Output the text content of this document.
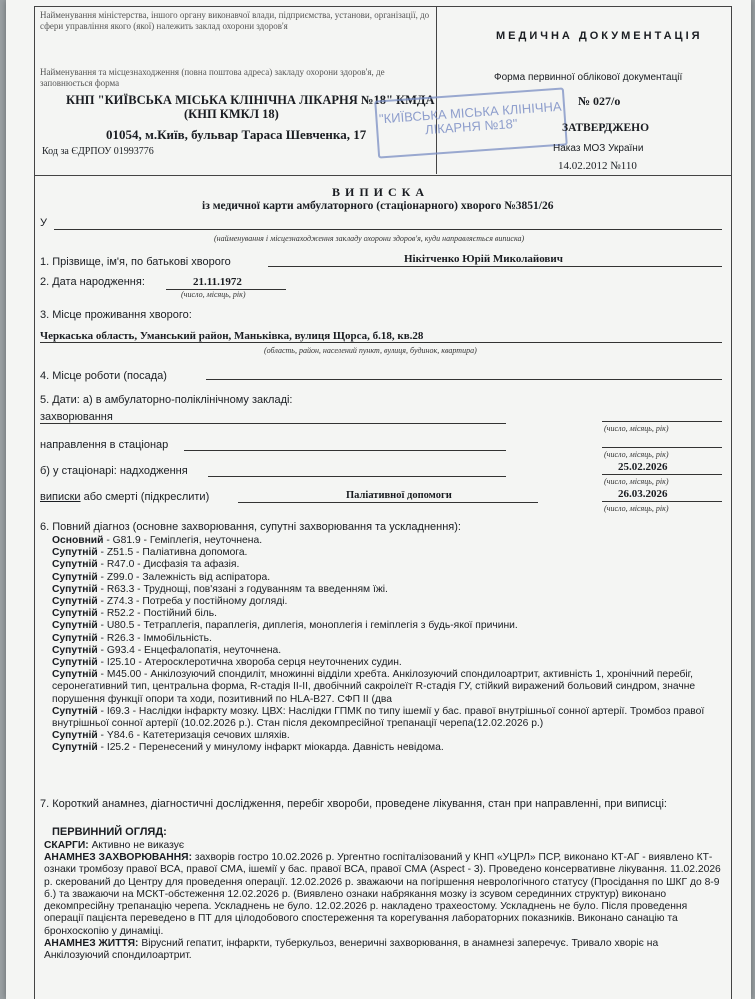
Найменування міністерства, іншого органу виконавчої влади, підприємства, установи, організації, до сфери управління якого (якої) належить заклад охорони здоров'я
Найменування та місцезнаходження (повна поштова адреса) закладу охорони здоров'я, де заповнюється форма
КНП "КИЇВСЬКА МІСЬКА КЛІНІЧНА ЛІКАРНЯ №18" КМДА
(КНП КМКЛ 18)
01054, м.Київ, бульвар Тараса Шевченка, 17
Код за ЄДРПОУ 01993776
"КИЇВСЬКА МІСЬКА КЛІНІЧНА ЛІКАРНЯ №18"
МЕДИЧНА ДОКУМЕНТАЦІЯ
Форма первинної облікової документації
№ 027/о
ЗАТВЕРДЖЕНО
Наказ МОЗ України
14.02.2012 №110
ВИПИСКА
із медичної карти амбулаторного (стаціонарного) хворого №3851/26
У
(найменування і місцезнаходження закладу охорони здоров'я, куди направляється виписка)
1. Прізвище, ім'я, по батькові хворого	Нікітченко Юрій Миколайович
2. Дата народження:	21.11.1972
(число, місяць, рік)
3. Місце проживання хворого:
Черкаська область, Уманський район, Маньківка, вулиця Щорса, б.18, кв.28
(область, район, населений пункт, вулиця, будинок, квартира)
4. Місце роботи (посада)
5. Дати: а) в амбулаторно-поліклінічному закладі:
захворювання
(число, місяць, рік)
направлення в стаціонар
(число, місяць, рік)
б) у стаціонарі: надходження	25.02.2026
(число, місяць, рік)
виписки або смерті (підкреслити)	Паліативної допомоги	26.03.2026
(число, місяць, рік)
6. Повний діагноз (основне захворювання, супутні захворювання та ускладнення):
Основний - G81.9 - Геміплегія, неуточнена.
Супутній - Z51.5 - Паліативна допомога.
Супутній - R47.0 - Дисфазія та афазія.
Супутній - Z99.0 - Залежність від аспіратора.
Супутній - R63.3 - Труднощі, пов'язані з годуванням та введенням їжі.
Супутній - Z74.3 - Потреба у постійному догляді.
Супутній - R52.2 - Постійний біль.
Супутній - U80.5 - Тетраплегія, параплегія, диплегія, моноплегія і геміплегія з будь-якої причини.
Супутній - R26.3 - Іммобільність.
Супутній - G93.4 - Енцефалопатія, неуточнена.
Супутній - I25.10 - Атеросклеротична хвороба серця неуточнених судин.
Супутній - M45.00 - Анкілозуючий спондиліт, множинні відділи хребта. Анкілозуючий спондилоартрит, активність 1, хронічний перебіг, серонегативний тип, центральна форма, R-стадія II-II, двобічний сакроілеїт R-стадія ГУ, стійкий виражений больовий синдром, значне порушення функції опори та ходи, позитивний по HLA-B27. СФП II (два
Супутній - I69.3 - Наслідки інфаркту мозку. ЦВХ: Наслідки ГПМК по типу ішемії у бас. правої внутрішньої сонної артерії. Тромбоз правої внутрішньої сонної артерії (10.02.2026 р.). Стан після декомпресійної трепанації черепа(12.02.2026 р.)
Супутній - Y84.6 - Катетеризація сечових шляхів.
Супутній - I25.2 - Перенесений у минулому інфаркт міокарда. Давність невідома.
7. Короткий анамнез, діагностичні дослідження, перебіг хвороби, проведене лікування, стан при направленні, при виписці:
ПЕРВИННИЙ ОГЛЯД:
СКАРГИ: Активно не виказує
АНАМНЕЗ ЗАХВОРЮВАННЯ: захворів гостро 10.02.2026 р. Ургентно госпіталізований у КНП «УЦРЛ» ПСР, виконано КТ-АГ - виявлено КТ-ознаки тромбозу правої ВСА, правої СМА, ішемії у бас. правої ВСА, правої СМА (Aspect - 3). Проведено консервативне лікування. 11.02.2026 р. скерований до Центру для проведення операції. 12.02.2026 р. зважаючи на погіршення неврологічного статусу (Просідання по ШКГ до 8-9 б.) та зважаючи на МСКТ-обстеження 12.02.2026 р. (Виявлено ознаки набрякання мозку із зсувом серединних структур) виконано декомпресійну трепанацію черепа. Ускладнень не було. 12.02.2026 р. накладено трахеостому. Ускладнень не було. Після проведення операції пацієнта переведено в ПТ для цілодобового спостереження та корегування лабораторних показників. Виконано санацію та бронхоскопію у динаміці.
АНАМНЕЗ ЖИТТЯ: Вірусний гепатит, інфаркти, туберкульоз, венеричні захворювання, в анамнезі заперечує. Тривало хворіє на Анкілозуючий спондилоартрит.
